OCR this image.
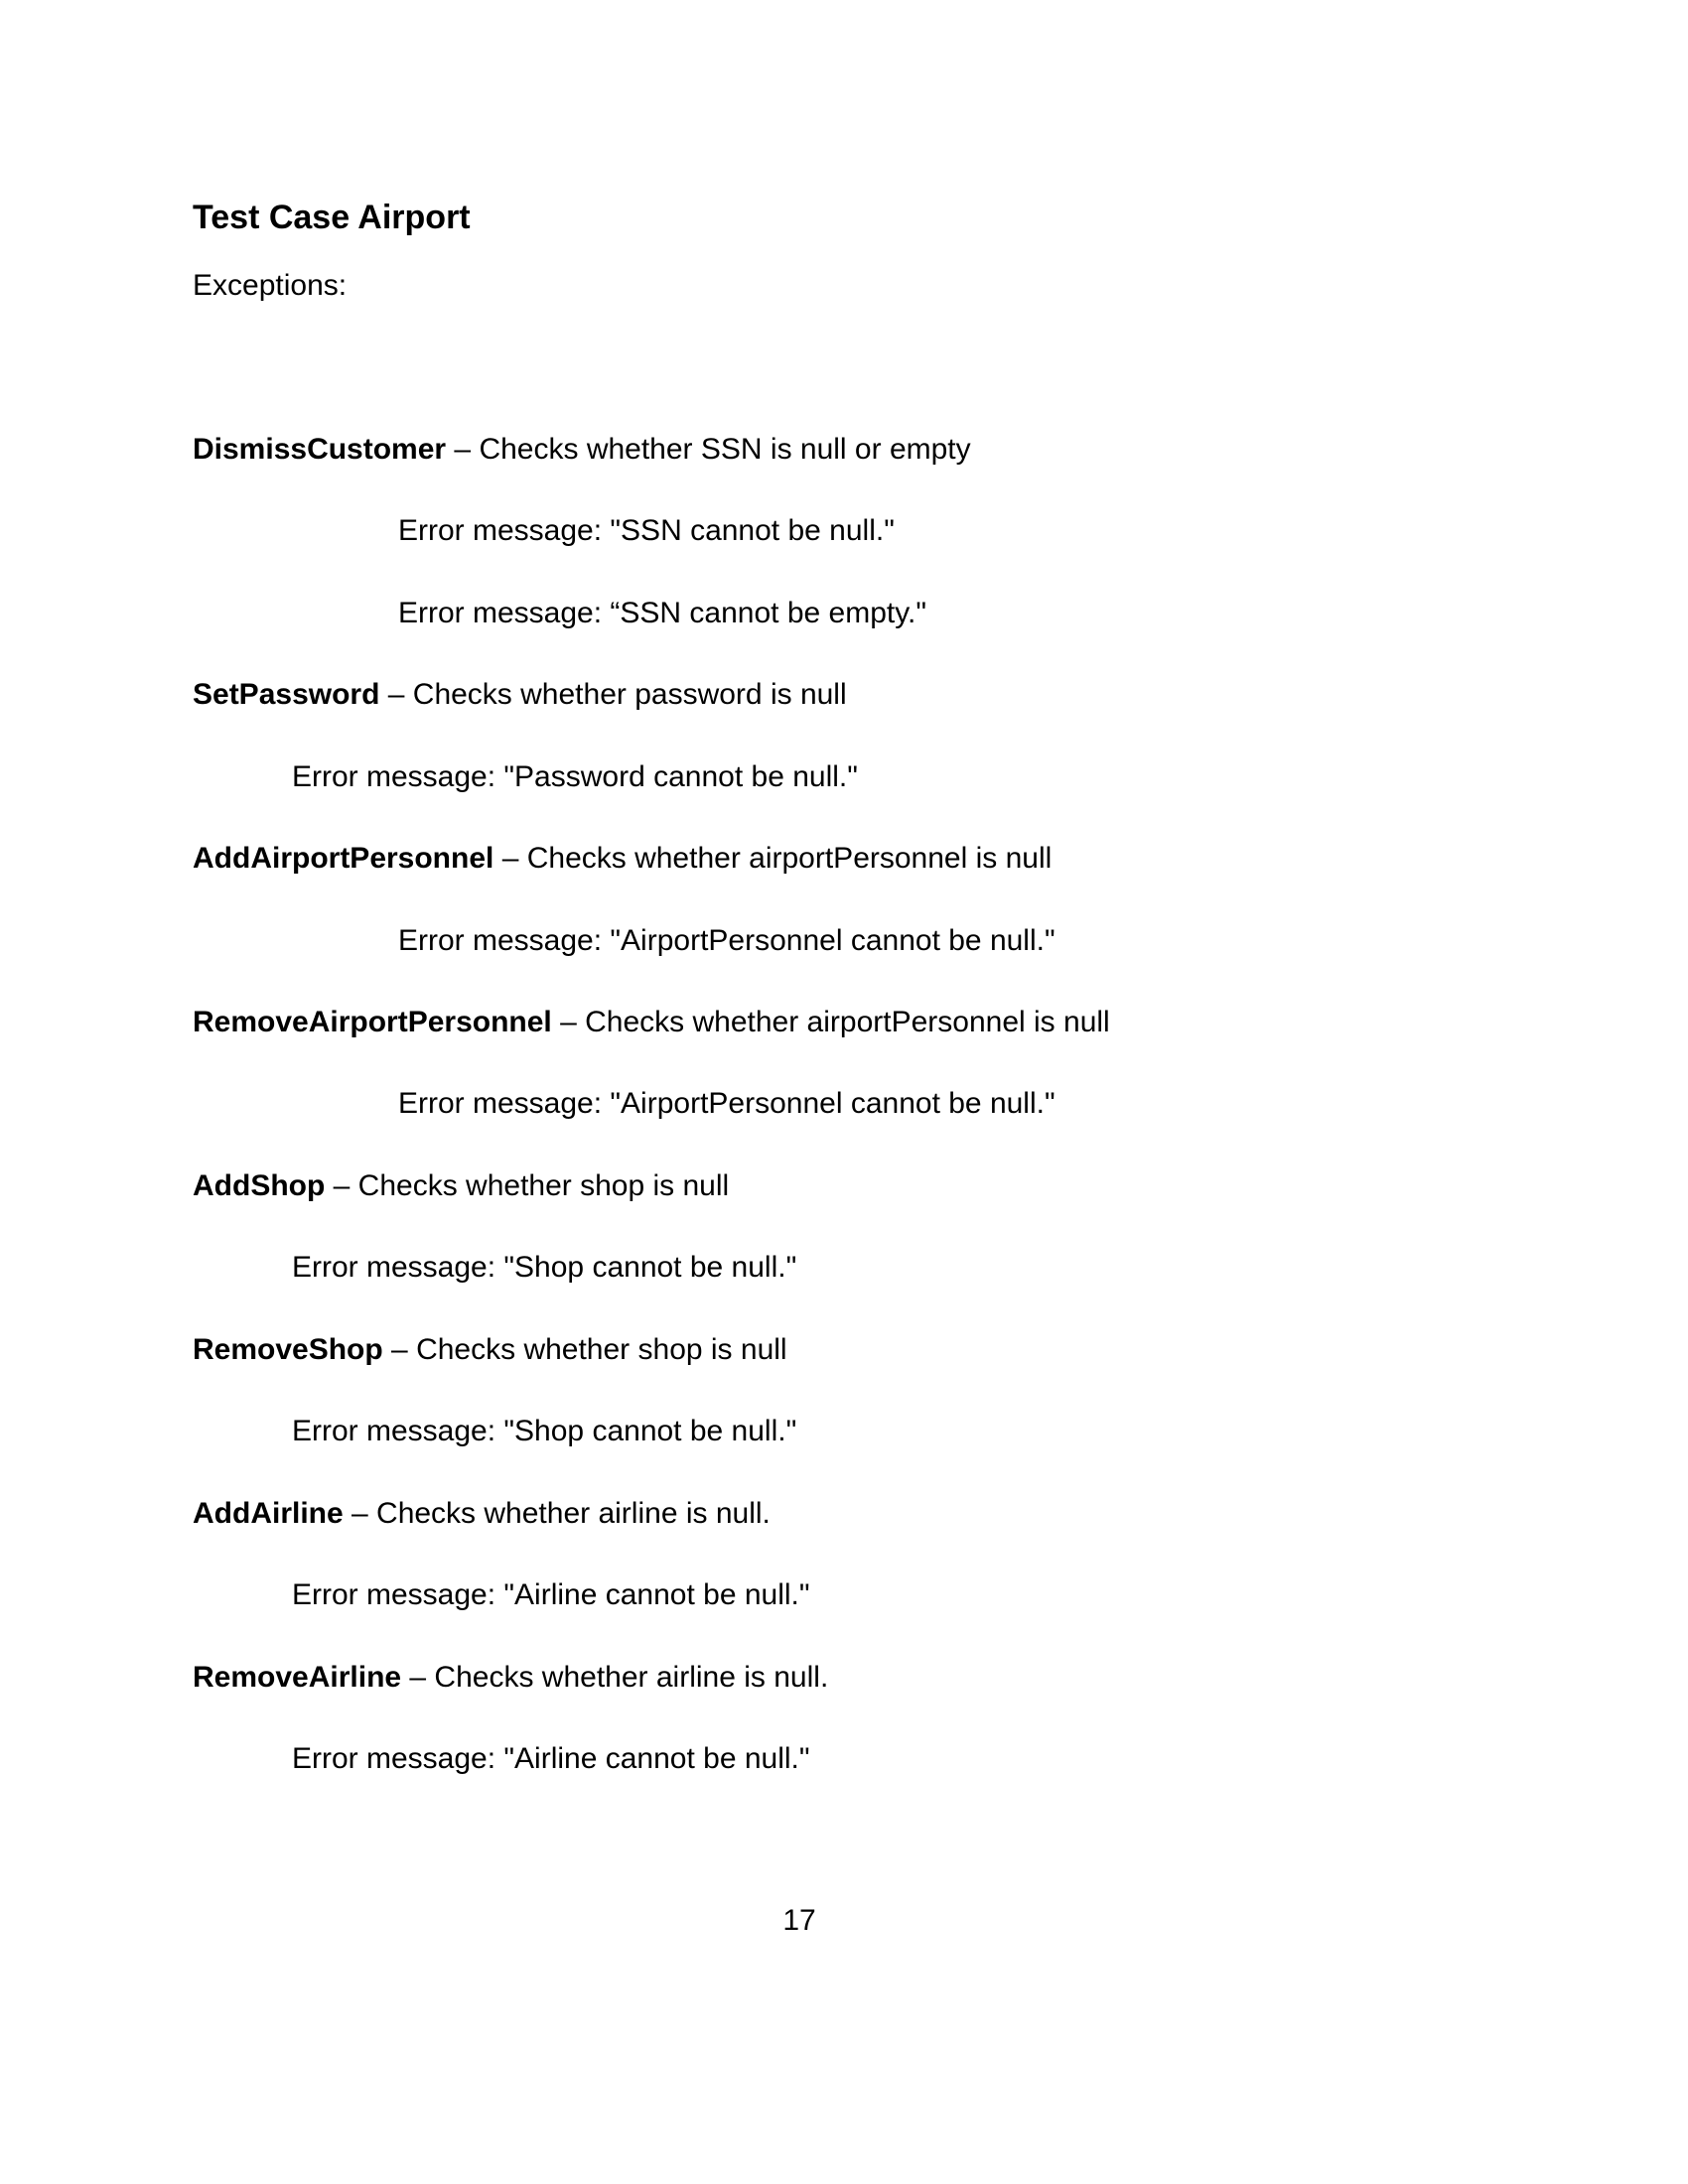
Test Case Airport
Exceptions:
DismissCustomer – Checks whether SSN is null or empty
Error message: "SSN cannot be null."
Error message: “SSN cannot be empty."
SetPassword – Checks whether password is null
Error message: "Password cannot be null."
AddAirportPersonnel – Checks whether airportPersonnel is null
Error message: "AirportPersonnel cannot be null."
RemoveAirportPersonnel – Checks whether airportPersonnel is null
Error message: "AirportPersonnel cannot be null."
AddShop – Checks whether shop is null
Error message: "Shop cannot be null."
RemoveShop – Checks whether shop is null
Error message: "Shop cannot be null."
AddAirline – Checks whether airline is null.
Error message: "Airline cannot be null."
RemoveAirline – Checks whether airline is null.
Error message: "Airline cannot be null."
17
